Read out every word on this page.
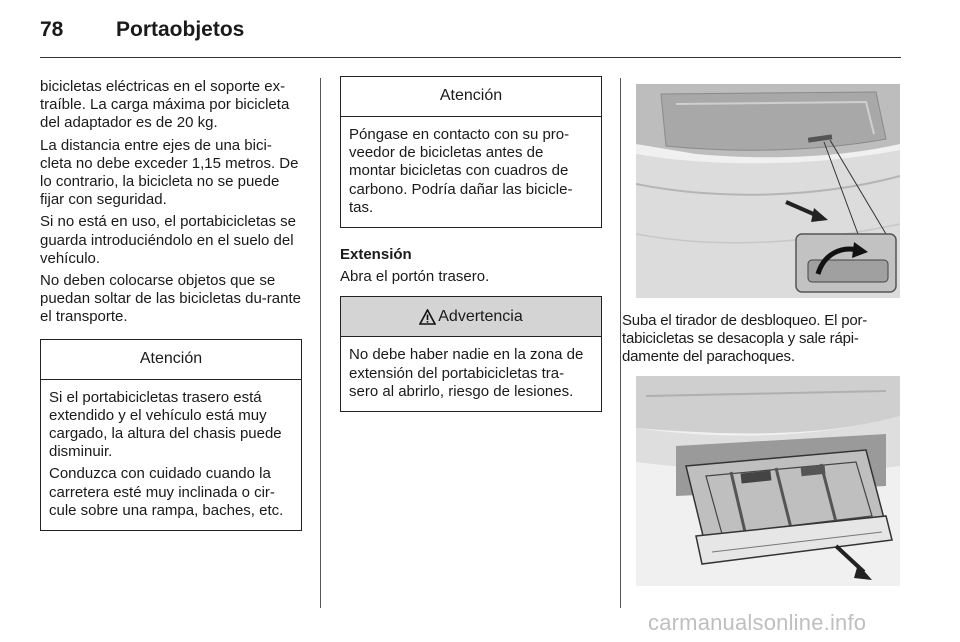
78	Portaobjetos

bicicletas eléctricas en el soporte ex-traíble. La carga máxima por bicicleta del adaptador es de 20 kg.

La distancia entre ejes de una bici-cleta no debe exceder 1,15 metros. De lo contrario, la bicicleta no se puede fijar con seguridad.

Si no está en uso, el portabicicletas se guarda introduciéndolo en el suelo del vehículo.

No deben colocarse objetos que se puedan soltar de las bicicletas du-rante el transporte.

Atención

Si el portabicicletas trasero está extendido y el vehículo está muy cargado, la altura del chasis puede disminuir.

Conduzca con cuidado cuando la carretera esté muy inclinada o cir-cule sobre una rampa, baches, etc.

Atención

Póngase en contacto con su pro-veedor de bicicletas antes de montar bicicletas con cuadros de carbono. Podría dañar las bicicle-tas.

Extensión

Abra el portón trasero.

Advertencia

No debe haber nadie en la zona de extensión del portabicicletas tra-sero al abrirlo, riesgo de lesiones.

Suba el tirador de desbloqueo. El por-tabicicletas se desacopla y sale rápi-damente del parachoques.
carmanualsonline.info
